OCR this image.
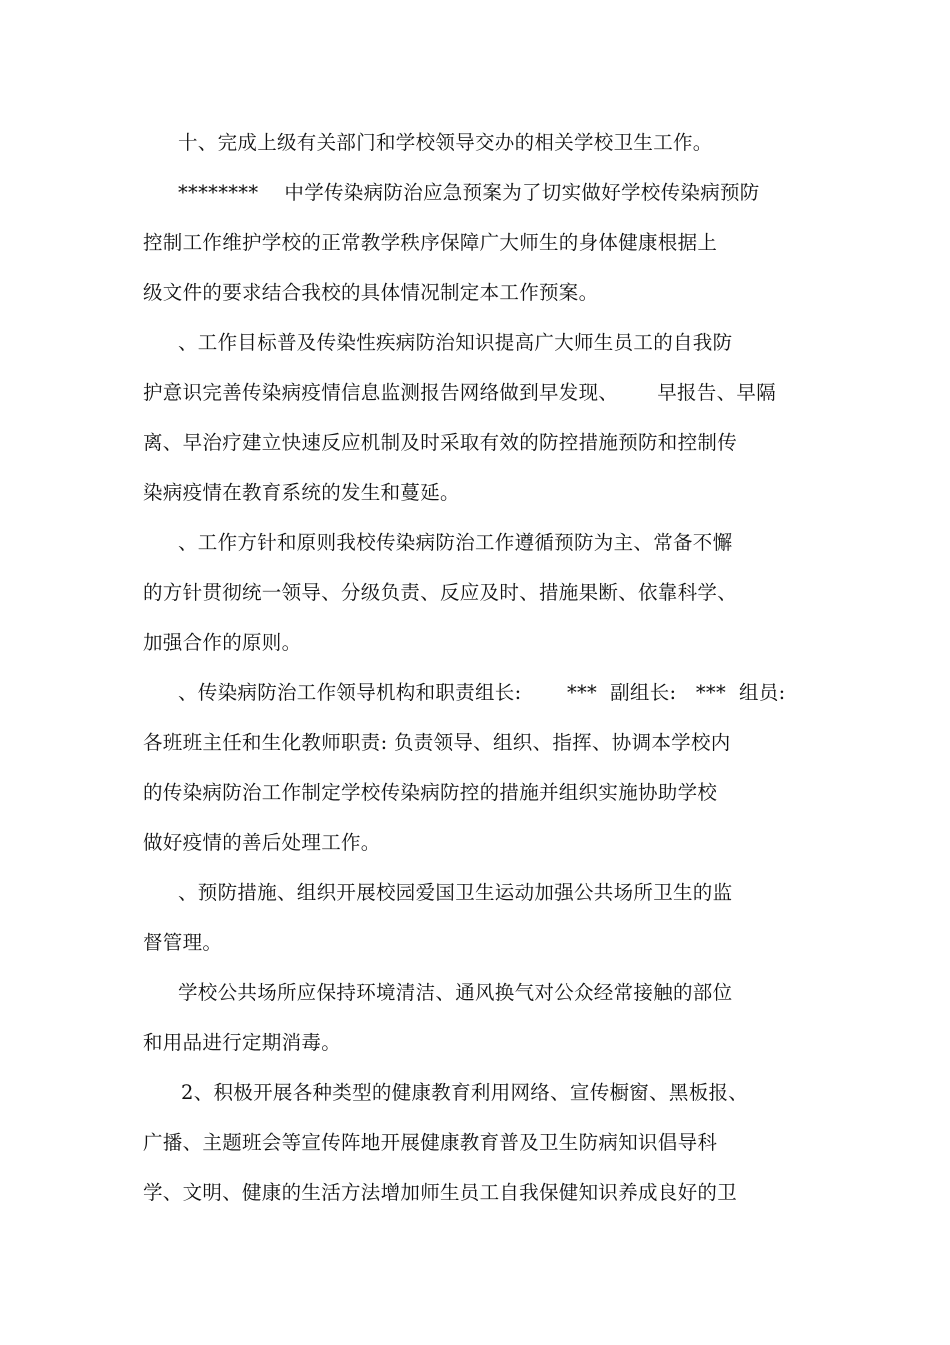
十、完成上级有关部门和学校领导交办的相关学校卫生工作。
********    中学传染病防治应急预案为了切实做好学校传染病预防
控制工作维护学校的正常教学秩序保障广大师生的身体健康根据上
级文件的要求结合我校的具体情况制定本工作预案。
、工作目标普及传染性疾病防治知识提高广大师生员工的自我防
护意识完善传染病疫情信息监测报告网络做到早发现、      早报告、早隔
离、早治疗建立快速反应机制及时采取有效的防控措施预防和控制传
染病疫情在教育系统的发生和蔓延。
、工作方针和原则我校传染病防治工作遵循预防为主、常备不懈
的方针贯彻统一领导、分级负责、反应及时、措施果断、依靠科学、
加强合作的原则。
、传染病防治工作领导机构和职责组长:       ***  副组长:   ***  组员:
各班班主任和生化教师职责: 负责领导、组织、指挥、协调本学校内
的传染病防治工作制定学校传染病防控的措施并组织实施协助学校
做好疫情的善后处理工作。
、预防措施、组织开展校园爱国卫生运动加强公共场所卫生的监
督管理。
学校公共场所应保持环境清洁、通风换气对公众经常接触的部位
和用品进行定期消毒。
2、积极开展各种类型的健康教育利用网络、宣传橱窗、黑板报、
广播、主题班会等宣传阵地开展健康教育普及卫生防病知识倡导科
学、文明、健康的生活方法增加师生员工自我保健知识养成良好的卫
